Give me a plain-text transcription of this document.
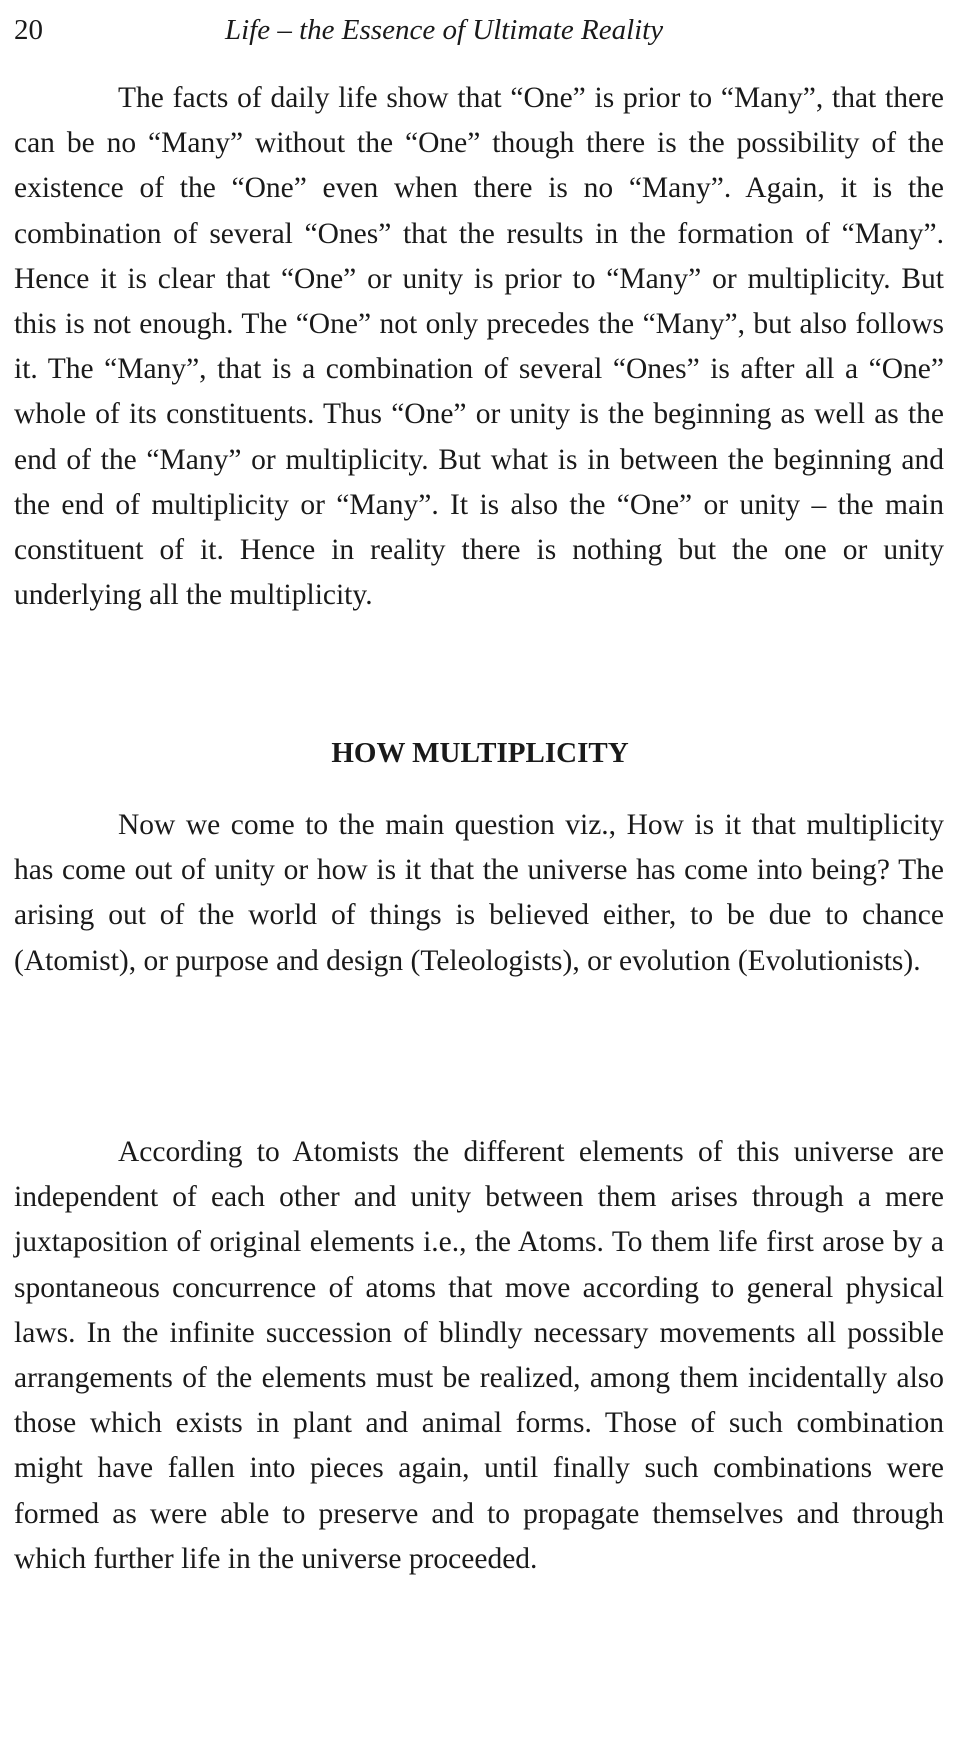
20	Life – the Essence of Ultimate Reality

The facts of daily life show that “One” is prior to “Many”, that there can be no “Many” without the “One” though there is the possibility of the existence of the “One” even when there is no “Many”. Again, it is the combination of several “Ones” that the results in the formation of “Many”. Hence it is clear that “One” or unity is prior to “Many” or multiplicity. But this is not enough. The “One” not only precedes the “Many”, but also follows it. The “Many”, that is a combination of several “Ones” is after all a “One” whole of its constituents. Thus “One” or unity is the beginning as well as the end of the “Many” or multiplicity. But what is in between the beginning and the end of multiplicity or “Many”. It is also the “One” or unity – the main constituent of it. Hence in reality there is nothing but the one or unity underlying all the multiplicity.

HOW MULTIPLICITY

Now we come to the main question viz., How is it that multiplicity has come out of unity or how is it that the universe has come into being? The arising out of the world of things is believed either, to be due to chance (Atomist), or purpose and design (Teleologists), or evolution (Evolutionists).

According to Atomists the different elements of this universe are independent of each other and unity between them arises through a mere juxtaposition of original elements i.e., the Atoms. To them life first arose by a spontaneous concurrence of atoms that move according to general physical laws. In the infinite succession of blindly necessary movements all possible arrangements of the elements must be realized, among them incidentally also those which exists in plant and animal forms. Those of such combination might have fallen into pieces again, until finally such combinations were formed as were able to preserve and to propagate themselves and through which further life in the universe proceeded.
